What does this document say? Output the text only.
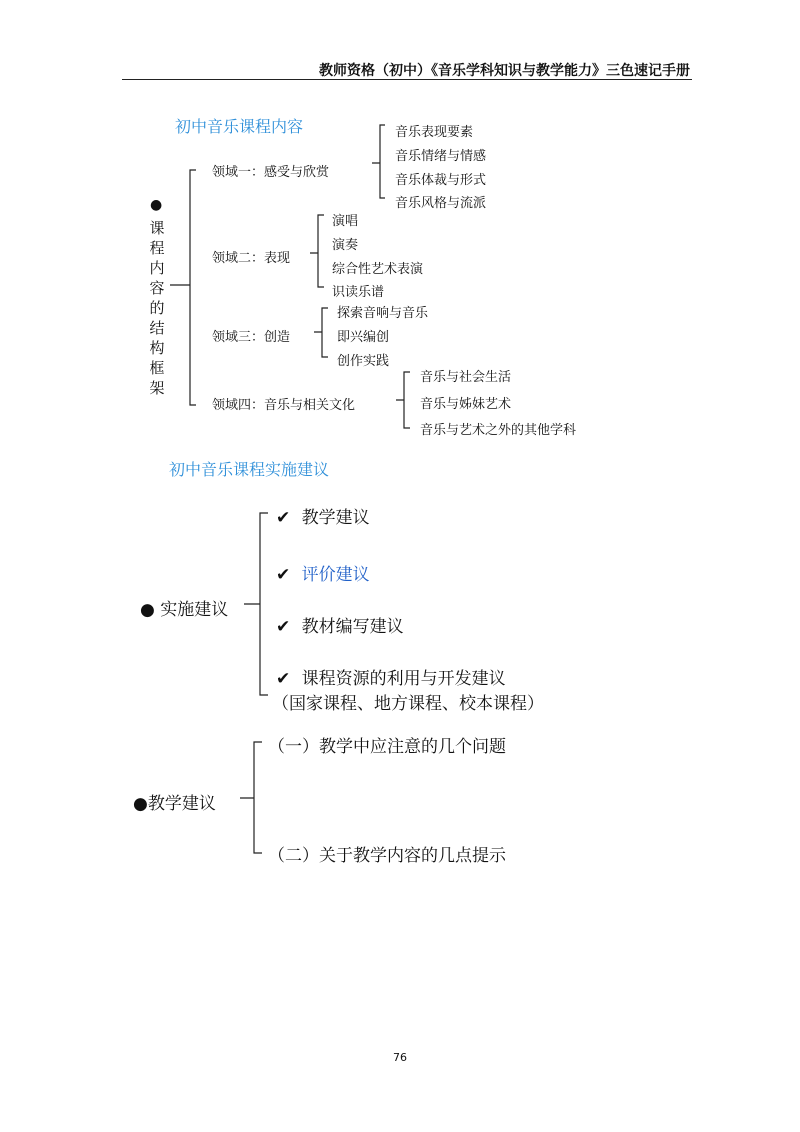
教师资格（初中）《音乐学科知识与教学能力》三色速记手册
初中音乐课程内容
●
课
程
内
容
的
结
构
框
架
领域一：感受与欣赏
音乐表现要素
音乐情绪与情感
音乐体裁与形式
音乐风格与流派
领域二：表现
演唱
演奏
综合性艺术表演
识读乐谱
领域三：创造
探索音响与音乐
即兴编创
创作实践
领域四：音乐与相关文化
音乐与社会生活
音乐与姊妹艺术
音乐与艺术之外的其他学科
初中音乐课程实施建议
● 实施建议
✔ 教学建议
✔ 评价建议
✔ 教材编写建议
✔ 课程资源的利用与开发建议
（国家课程、地方课程、校本课程）
●教学建议
（一）教学中应注意的几个问题
（二）关于教学内容的几点提示
76
